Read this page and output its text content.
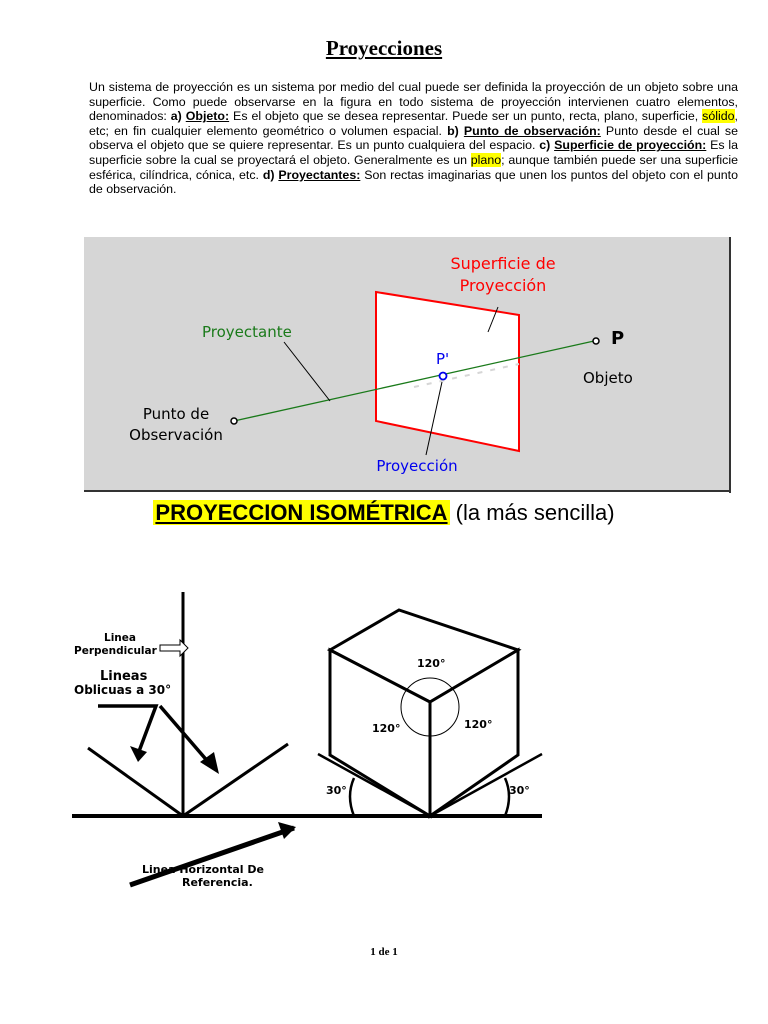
Proyecciones
Un sistema de proyección es un sistema por medio del cual puede ser definida la proyección de un objeto sobre una superficie. Como puede observarse en la figura en todo sistema de proyección intervienen cuatro elementos, denominados: a) Objeto: Es el objeto que se desea representar. Puede ser un punto, recta, plano, superficie, sólido, etc; en fin cualquier elemento geométrico o volumen espacial. b) Punto de observación: Punto desde el cual se observa el objeto que se quiere representar. Es un punto cualquiera del espacio. c) Superficie de proyección: Es la superficie sobre la cual se proyectará el objeto. Generalmente es un plano; aunque también puede ser una superficie esférica, cilíndrica, cónica, etc. d) Proyectantes: Son rectas imaginarias que unen los puntos del objeto con el punto de observación.
Superficie de
Proyección
Proyectante
P'
P
Objeto
Punto de
Observación
Proyección
PROYECCION ISOMÉTRICA (la más sencilla)
Linea
Perpendicular
Lineas
Oblicuas a 30°
120°
120°	120°
30°	30°
Linea Horizontal De
Referencia.
1 de 1
